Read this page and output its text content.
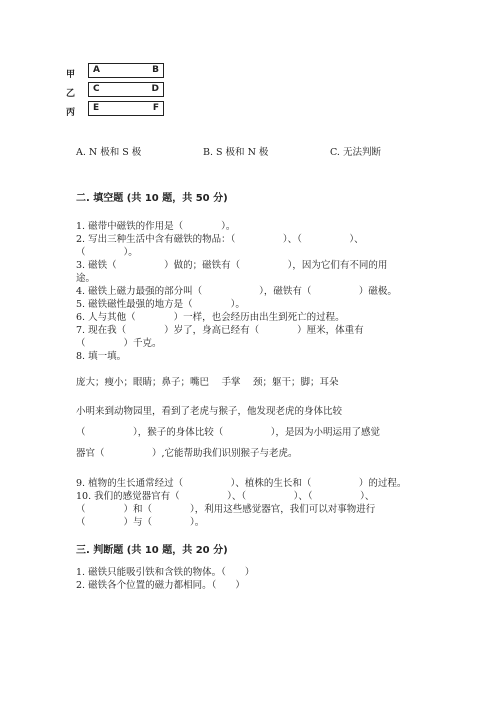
甲 A	B
乙 C	D
丙 E	F
A. N 极和 S 极	B. S 极和 N 极	C. 无法判断
二. 填空题 (共 10 题，共 50 分)
1. 磁带中磁铁的作用是（　　　　）。
2. 写出三种生活中含有磁铁的物品：（　　　　　）、（　　　　　）、
（　　　　）。
3. 磁铁（　　　　　）做的；磁铁有（　　　　　），因为它们有不同的用
途。
4. 磁铁上磁力最强的部分叫（　　　　　　），磁铁有（　　　　　）磁极。
5. 磁铁磁性最强的地方是（　　　　）。
6. 人与其他（　　　　）一样，也会经历由出生到死亡的过程。
7. 现在我（　　　　）岁了，身高已经有（　　　　）厘米，体重有
（　　　　）千克。
8. 填一填。
庞大；瘦小；眼睛；鼻子；嘴巴　 手掌　 颈；躯干；脚；耳朵
小明来到动物园里，看到了老虎与猴子，他发现老虎的身体比较
（　　　　　），猴子的身体比较（　　　　　），是因为小明运用了感觉
器官（　　　　　）,它能帮助我们识别猴子与老虎。
9. 植物的生长通常经过（　　　　　）、植株的生长和（　　　　　）的过程。
10. 我们的感觉器官有（　　　　　）、（　　　　　）、（　　　　　）、
（　　　　）和（　　　　），利用这些感觉器官，我们可以对事物进行
（　　　　）与（　　　　）。
三. 判断题 (共 10 题，共 20 分)
1. 磁铁只能吸引铁和含铁的物体。（　　）
2. 磁铁各个位置的磁力都相同。（　　）
